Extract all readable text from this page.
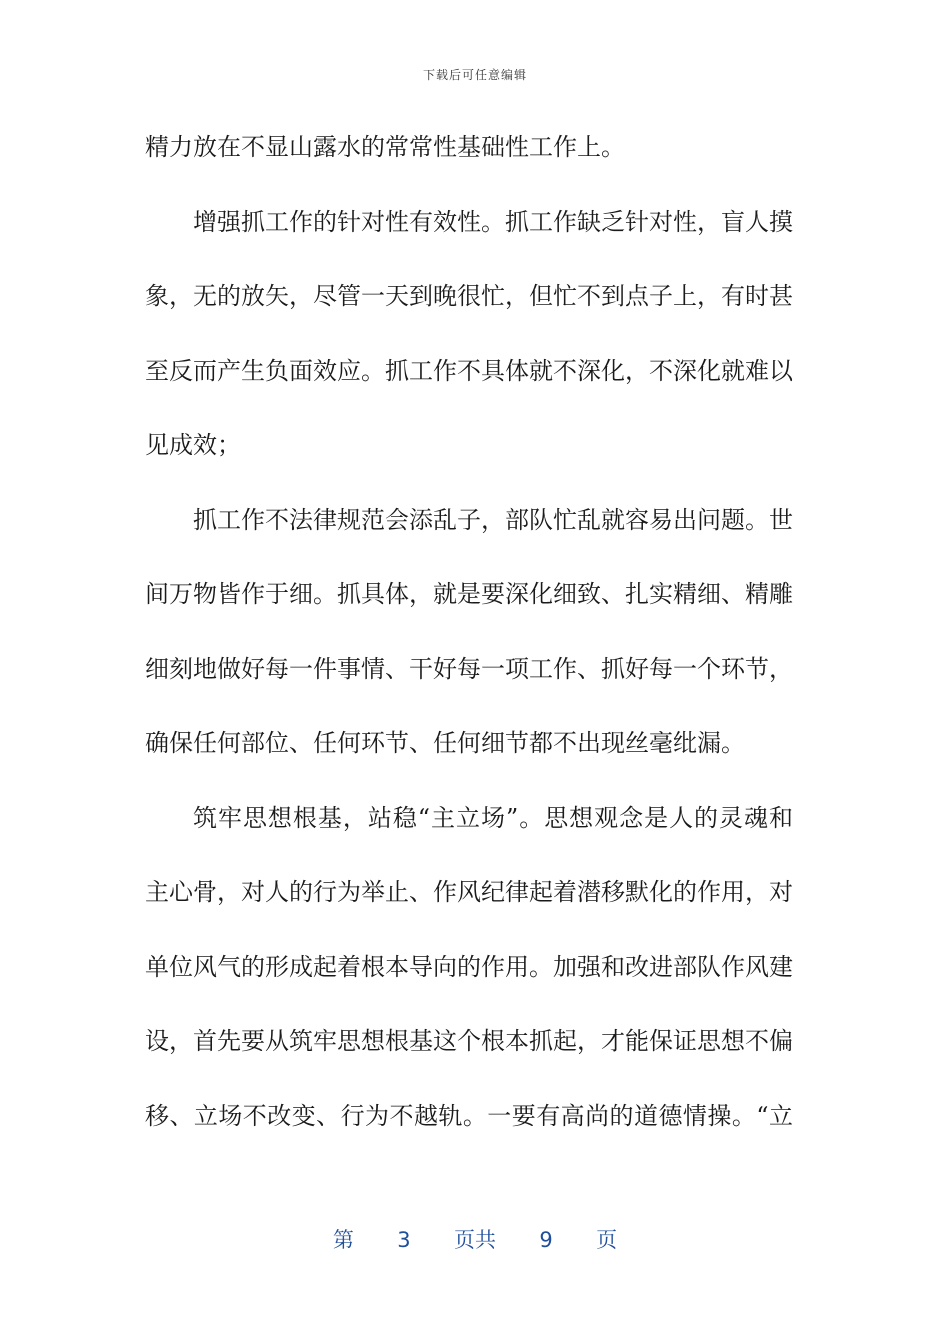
下载后可任意编辑
精力放在不显山露水的常常性基础性工作上。
增强抓工作的针对性有效性。抓工作缺乏针对性，盲人摸
象，无的放矢，尽管一天到晚很忙，但忙不到点子上，有时甚
至反而产生负面效应。抓工作不具体就不深化，不深化就难以
见成效；
抓工作不法律规范会添乱子，部队忙乱就容易出问题。世
间万物皆作于细。抓具体，就是要深化细致、扎实精细、精雕
细刻地做好每一件事情、干好每一项工作、抓好每一个环节，
确保任何部位、任何环节、任何细节都不出现丝毫纰漏。
筑牢思想根基，站稳“主立场”。思想观念是人的灵魂和
主心骨，对人的行为举止、作风纪律起着潜移默化的作用，对
单位风气的形成起着根本导向的作用。加强和改进部队作风建
设，首先要从筑牢思想根基这个根本抓起，才能保证思想不偏
移、立场不改变、行为不越轨。一要有高尚的道德情操。“立
第 3 页共 9 页
